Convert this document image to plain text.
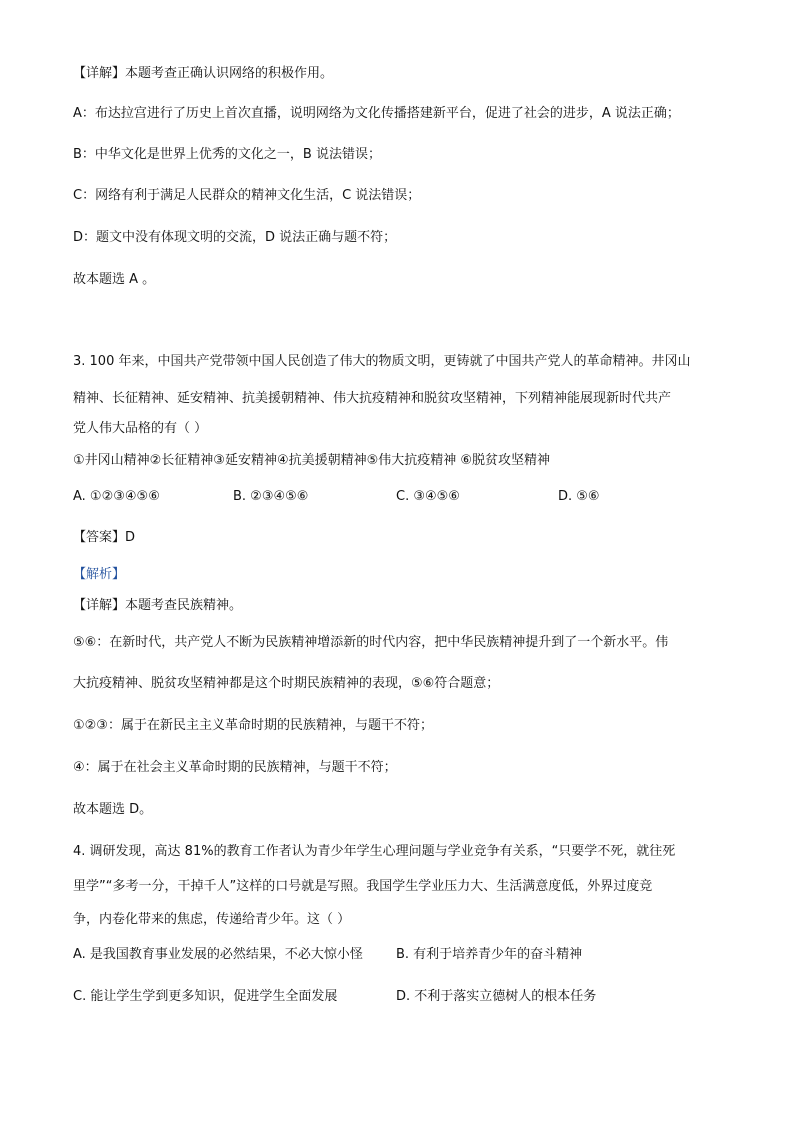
【详解】本题考查正确认识网络的积极作用。
A：布达拉宫进行了历史上首次直播，说明网络为文化传播搭建新平台，促进了社会的进步，A 说法正确；
B：中华文化是世界上优秀的文化之一，B 说法错误；
C：网络有利于满足人民群众的精神文化生活，C 说法错误；
D：题文中没有体现文明的交流，D 说法正确与题不符；
故本题选 A 。
3. 100 年来，中国共产党带领中国人民创造了伟大的物质文明，更铸就了中国共产党人的革命精神。井冈山
精神、长征精神、延安精神、抗美援朝精神、伟大抗疫精神和脱贫攻坚精神，下列精神能展现新时代共产
党人伟大品格的有（ ）
①井冈山精神②长征精神③延安精神④抗美援朝精神⑤伟大抗疫精神 ⑥脱贫攻坚精神
A. ①②③④⑤⑥	B. ②③④⑤⑥	C. ③④⑤⑥	D. ⑤⑥
【答案】D
【解析】
【详解】本题考查民族精神。
⑤⑥：在新时代，共产党人不断为民族精神增添新的时代内容，把中华民族精神提升到了一个新水平。伟
大抗疫精神、脱贫攻坚精神都是这个时期民族精神的表现，⑤⑥符合题意；
①②③：属于在新民主主义革命时期的民族精神，与题干不符；
④：属于在社会主义革命时期的民族精神，与题干不符；
故本题选 D。
4. 调研发现，高达 81%的教育工作者认为青少年学生心理问题与学业竞争有关系，“只要学不死，就往死
里学”“多考一分，干掉千人”这样的口号就是写照。我国学生学业压力大、生活满意度低，外界过度竞
争，内卷化带来的焦虑，传递给青少年。这（ ）
A. 是我国教育事业发展的必然结果，不必大惊小怪	B. 有利于培养青少年的奋斗精神
C. 能让学生学到更多知识，促进学生全面发展	D. 不利于落实立德树人的根本任务
